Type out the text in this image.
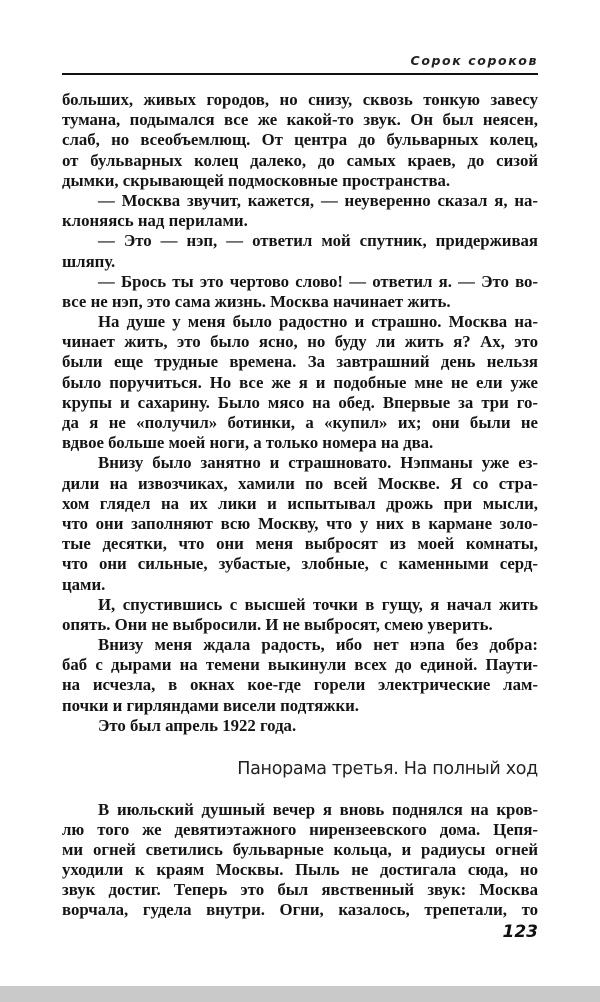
Сорок сороков
больших, живых городов, но снизу, сквозь тонкую завесу
тумана, подымался все же какой-то звук. Он был неясен,
слаб, но всеобъемлющ. От центра до бульварных колец,
от бульварных колец далеко, до самых краев, до сизой
дымки, скрывающей подмосковные пространства.
— Москва звучит, кажется, — неуверенно сказал я, на-
клоняясь над перилами.
— Это — нэп, — ответил мой спутник, придерживая
шляпу.
— Брось ты это чертово слово! — ответил я. — Это во-
все не нэп, это сама жизнь. Москва начинает жить.
На душе у меня было радостно и страшно. Москва на-
чинает жить, это было ясно, но буду ли жить я? Ах, это
были еще трудные времена. За завтрашний день нельзя
было поручиться. Но все же я и подобные мне не ели уже
крупы и сахарину. Было мясо на обед. Впервые за три го-
да я не «получил» ботинки, а «купил» их; они были не
вдвое больше моей ноги, а только номера на два.
Внизу было занятно и страшновато. Нэпманы уже ез-
дили на извозчиках, хамили по всей Москве. Я со стра-
хом глядел на их лики и испытывал дрожь при мысли,
что они заполняют всю Москву, что у них в кармане золо-
тые десятки, что они меня выбросят из моей комнаты,
что они сильные, зубастые, злобные, с каменными серд-
цами.
И, спустившись с высшей точки в гущу, я начал жить
опять. Они не выбросили. И не выбросят, смею уверить.
Внизу меня ждала радость, ибо нет нэпа без добра:
баб с дырами на темени выкинули всех до единой. Паути-
на исчезла, в окнах кое-где горели электрические лам-
почки и гирляндами висели подтяжки.
Это был апрель 1922 года.
Панорама третья. На полный ход
В июльский душный вечер я вновь поднялся на кров-
лю того же девятиэтажного нирензеевского дома. Цепя-
ми огней светились бульварные кольца, и радиусы огней
уходили к краям Москвы. Пыль не достигала сюда, но
звук достиг. Теперь это был явственный звук: Москва
ворчала, гудела внутри. Огни, казалось, трепетали, то
123
